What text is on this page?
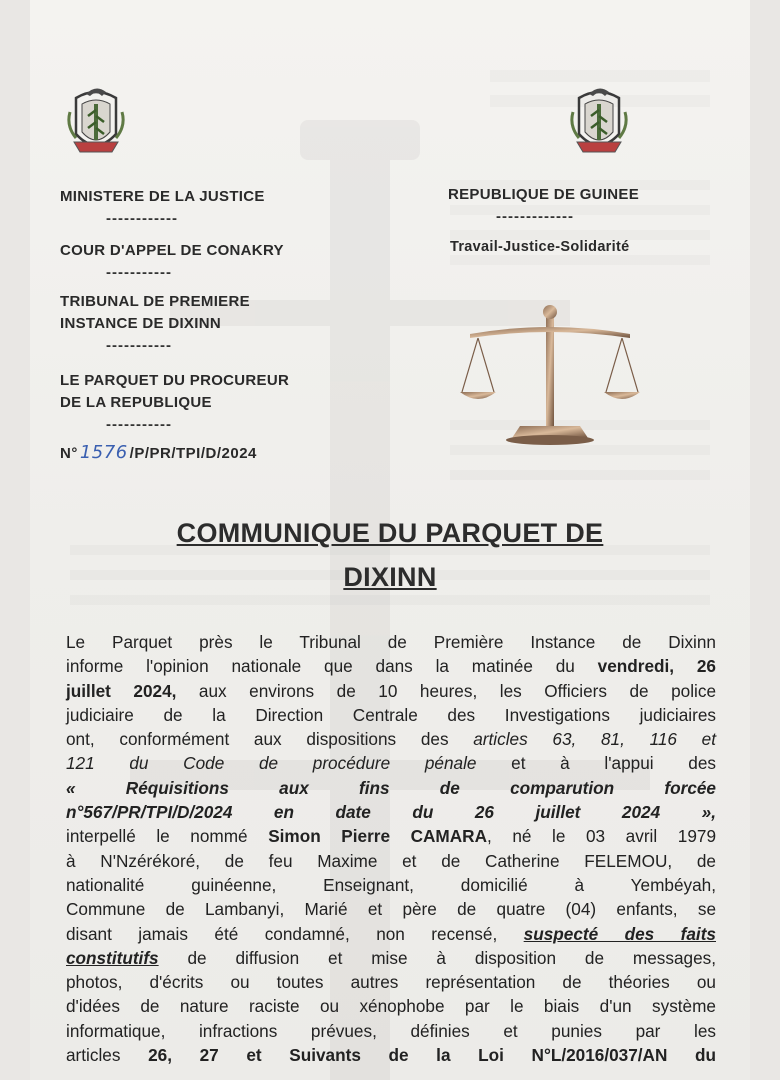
MINISTERE DE LA JUSTICE
------------
COUR D'APPEL DE CONAKRY
-----------
TRIBUNAL DE PREMIERE
INSTANCE DE DIXINN
-----------
LE PARQUET DU PROCUREUR
DE LA REPUBLIQUE
-----------
REPUBLIQUE DE GUINEE
-------------
Travail-Justice-Solidarité
N° 1576 /P/PR/TPI/D/2024
COMMUNIQUE DU PARQUET DE
DIXINN
Le Parquet près le Tribunal de Première Instance de Dixinn
informe l'opinion nationale que dans la matinée du vendredi, 26
juillet 2024, aux environs de 10 heures, les Officiers de police
judiciaire de la Direction Centrale des Investigations judiciaires
ont, conformément aux dispositions des articles 63, 81, 116 et
121 du Code de procédure pénale et à l'appui des
« Réquisitions aux fins de comparution forcée
n°567/PR/TPI/D/2024 en date du 26 juillet 2024 »,
interpellé le nommé Simon Pierre CAMARA, né le 03 avril 1979
à N'Nzérékoré, de feu Maxime et de Catherine FELEMOU, de
nationalité guinéenne, Enseignant, domicilié à Yembéyah,
Commune de Lambanyi, Marié et père de quatre (04) enfants, se
disant jamais été condamné, non recensé, suspecté des faits
constitutifs de diffusion et mise à disposition de messages,
photos, d'écrits ou toutes autres représentation de théories ou
d'idées de nature raciste ou xénophobe par le biais d'un système
informatique, infractions prévues, définies et punies par les
articles 26, 27 et Suivants de la Loi N°L/2016/037/AN du
